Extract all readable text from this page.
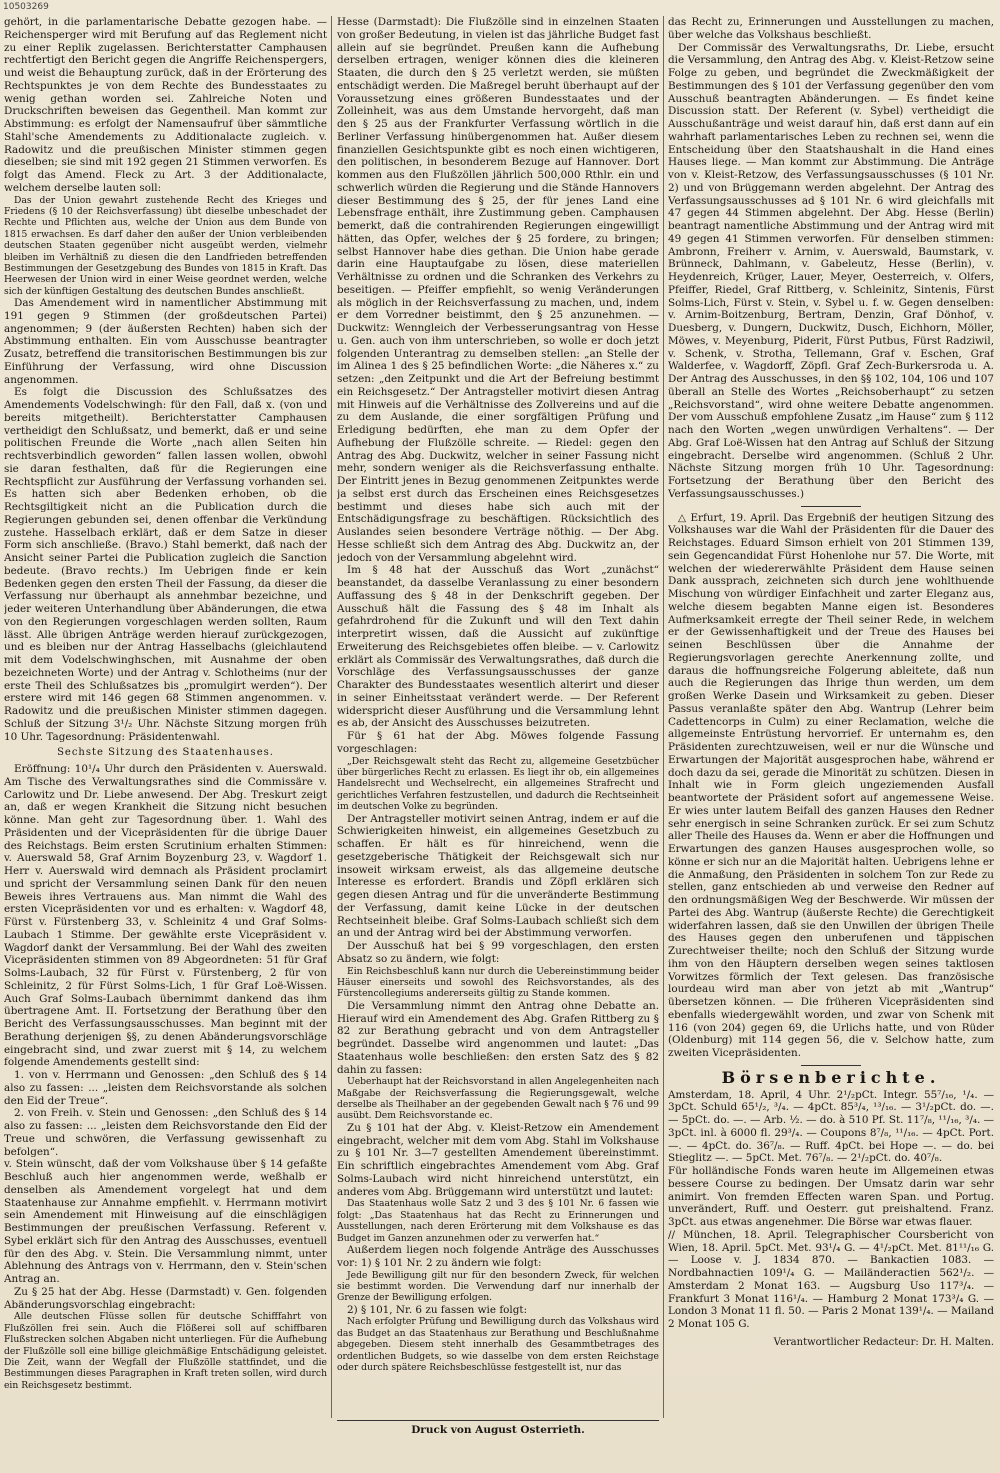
10503269

gehört, in die parlamentarische Debatte gezogen habe. — Reichensperger wird mit Berufung auf das Reglement nicht zu einer Replik zugelassen. Berichterstatter Camphausen rechtfertigt den Bericht gegen die Angriffe Reichenspergers, und weist die Behauptung zurück, daß in der Erörterung des Rechtspunktes je von dem Rechte des Bundesstaates zu wenig gethan worden sei. Zahlreiche Noten und Druckschriften beweisen das Gegentheil. Man kommt zur Abstimmung: es erfolgt der Namensaufruf über sämmtliche Stahl'sche Amendements zu Additionalacte zugleich. v. Radowitz und die preußischen Minister stimmen gegen dieselben; sie sind mit 192 gegen 21 Stimmen verworfen. Es folgt das Amend. Fleck zu Art. 3 der Additionalacte, welchem derselbe lauten soll:

Das der Union gewahrt zustehende Recht des Krieges und Friedens (§ 10 der Reichsverfassung) übt dieselbe unbeschadet der Rechte und Pflichten aus, welche der Union aus dem Bunde von 1815 erwachsen. Es darf daher den außer der Union verbleibenden deutschen Staaten gegenüber nicht ausgeübt werden, vielmehr bleiben im Verhältniß zu diesen die den Landfrieden betreffenden Bestimmungen der Gesetzgebung des Bundes von 1815 in Kraft. Das Heerwesen der Union wird in einer Weise geordnet werden, welche sich der künftigen Gestaltung des deutschen Bundes anschließt.

Das Amendement wird in namentlicher Abstimmung mit 191 gegen 9 Stimmen (der großdeutschen Partei) angenommen; 9 (der äußersten Rechten) haben sich der Abstimmung enthalten. Ein vom Ausschusse beantragter Zusatz, betreffend die transitorischen Bestimmungen bis zur Einführung der Verfassung, wird ohne Discussion angenommen.

Es folgt die Discussion des Schlußsatzes des Amendements Vodelschwingh: für den Fall, daß x. (von und bereits mitgetheilt). Berichterstatter Camphausen vertheidigt den Schlußsatz, und bemerkt, daß er und seine politischen Freunde die Worte „nach allen Seiten hin rechtsverbindlich geworden“ fallen lassen wollen, obwohl sie daran festhalten, daß für die Regierungen eine Rechtspflicht zur Ausführung der Verfassung vorhanden sei. Es hatten sich aber Bedenken erhoben, ob die Rechtsgiltigkeit nicht an die Publication durch die Regierungen gebunden sei, denen offenbar die Verkündung zustehe. Hasselbach erklärt, daß er dem Satze in dieser Form sich anschließe. (Bravo.) Stahl bemerkt, daß nach der Ansicht seiner Partei die Publication zugleich die Sanction bedeute. (Bravo rechts.) Im Uebrigen finde er kein Bedenken gegen den ersten Theil der Fassung, da dieser die Verfassung nur überhaupt als annehmbar bezeichne, und jeder weiteren Unterhandlung über Abänderungen, die etwa von den Regierungen vorgeschlagen werden sollten, Raum lässt. Alle übrigen Anträge werden hierauf zurückgezogen, und es bleiben nur der Antrag Hasselbachs (gleichlautend mit dem Vodelschwinghschen, mit Ausnahme der oben bezeichneten Worte) und der Antrag v. Schlotheims (nur der erste Theil des Schlußsatzes bis „promulgirt werden“). Der erstere wird mit 146 gegen 68 Stimmen angenommen. v. Radowitz und die preußischen Minister stimmen dagegen. Schluß der Sitzung 3¹/₂ Uhr. Nächste Sitzung morgen früh 10 Uhr. Tagesordnung: Präsidentenwahl.

Sechste Sitzung des Staatenhauses.

Eröffnung: 10¹/₄ Uhr durch den Präsidenten v. Auerswald. Am Tische des Verwaltungsrathes sind die Commissäre v. Carlowitz und Dr. Liebe anwesend. Der Abg. Treskurt zeigt an, daß er wegen Krankheit die Sitzung nicht besuchen könne. Man geht zur Tagesordnung über. 1. Wahl des Präsidenten und der Vicepräsidenten für die übrige Dauer des Reichstags. Beim ersten Scrutinium erhalten Stimmen: v. Auerswald 58, Graf Arnim Boyzenburg 23, v. Wagdorf 1. Herr v. Auerswald wird demnach als Präsident proclamirt und spricht der Versammlung seinen Dank für den neuen Beweis ihres Vertrauens aus. Man nimmt die Wahl des ersten Vicepräsidenten vor und es erhalten: v. Wagdorf 48, Fürst v. Fürstenberg 33, v. Schleinitz 4 und Graf Solms-Laubach 1 Stimme. Der gewählte erste Vicepräsident v. Wagdorf dankt der Versammlung. Bei der Wahl des zweiten Vicepräsidenten stimmen von 89 Abgeordneten: 51 für Graf Solms-Laubach, 32 für Fürst v. Fürstenberg, 2 für von Schleinitz, 2 für Fürst Solms-Lich, 1 für Graf Loë-Wissen. Auch Graf Solms-Laubach übernimmt dankend das ihm übertragene Amt. II. Fortsetzung der Berathung über den Bericht des Verfassungsausschusses. Man beginnt mit der Berathung derjenigen §§, zu denen Abänderungsvorschläge eingebracht sind, und zwar zuerst mit § 14, zu welchem folgende Amendements gestellt sind:

1. von v. Herrmann und Genossen: „den Schluß des § 14 also zu fassen: ... „leisten dem Reichsvorstande als solchen den Eid der Treue“.

2. von Freih. v. Stein und Genossen: „den Schluß des § 14 also zu fassen: ... „leisten dem Reichsvorstande den Eid der Treue und schwören, die Verfassung gewissenhaft zu befolgen“.

v. Stein wünscht, daß der vom Volkshause über § 14 gefaßte Beschluß auch hier angenommen werde, weßhalb er denselben als Amendement vorgelegt hat und dem Staatenhause zur Annahme empfiehlt. v. Herrmann motivirt sein Amendement mit Hinweisung auf die einschlägigen Bestimmungen der preußischen Verfassung. Referent v. Sybel erklärt sich für den Antrag des Ausschusses, eventuell für den des Abg. v. Stein. Die Versammlung nimmt, unter Ablehnung des Antrags von v. Herrmann, den v. Stein'schen Antrag an.

Zu § 25 hat der Abg. Hesse (Darmstadt) v. Gen. folgenden Abänderungsvorschlag eingebracht:

Alle deutschen Flüsse sollen für deutsche Schifffahrt von Flußzöllen frei sein. Auch die Flößerei soll auf schiffbaren Flußstrecken solchen Abgaben nicht unterliegen. Für die Aufhebung der Flußzölle soll eine billige gleichmäßige Entschädigung geleistet. Die Zeit, wann der Wegfall der Flußzölle stattfindet, und die Bestimmungen dieses Paragraphen in Kraft treten sollen, wird durch ein Reichsgesetz bestimmt.

Hesse (Darmstadt): Die Flußzölle sind in einzelnen Staaten von großer Bedeutung, in vielen ist das jährliche Budget fast allein auf sie begründet. Preußen kann die Aufhebung derselben ertragen, weniger können dies die kleineren Staaten, die durch den § 25 verletzt werden, sie müßten entschädigt werden. Die Maßregel beruht überhaupt auf der Voraussetzung eines größeren Bundesstaates und der Zolleinheit, was aus dem Umstande hervorgeht, daß man den § 25 aus der Frankfurter Verfassung wörtlich in die Berliner Verfassung hinübergenommen hat. Außer diesem finanziellen Gesichtspunkte gibt es noch einen wichtigeren, den politischen, in besonderem Bezuge auf Hannover. Dort kommen aus den Flußzöllen jährlich 500,000 Rthlr. ein und schwerlich würden die Regierung und die Stände Hannovers dieser Bestimmung des § 25, der für jenes Land eine Lebensfrage enthält, ihre Zustimmung geben. Camphausen bemerkt, daß die contrahirenden Regierungen eingewilligt hätten, das Opfer, welches der § 25 fordere, zu bringen; selbst Hannover habe dies gethan. Die Union habe gerade darin eine Hauptaufgabe zu lösen, diese materiellen Verhältnisse zu ordnen und die Schranken des Verkehrs zu beseitigen. — Pfeiffer empfiehlt, so wenig Veränderungen als möglich in der Reichsverfassung zu machen, und, indem er dem Vorredner beistimmt, den § 25 anzunehmen. — Duckwitz: Wenngleich der Verbesserungsantrag von Hesse u. Gen. auch von ihm unterschrieben, so wolle er doch jetzt folgenden Unterantrag zu demselben stellen: „an Stelle der im Alinea 1 des § 25 befindlichen Worte: „die Näheres x.“ zu setzen: „den Zeitpunkt und die Art der Befreiung bestimmt ein Reichsgesetz.“ Der Antragsteller motivirt diesen Antrag mit Hinweis auf die Verhältnisse des Zollvereins und auf die zu dem Auslande, die einer sorgfältigen Prüfung und Erledigung bedürften, ehe man zu dem Opfer der Aufhebung der Flußzölle schreite. — Riedel: gegen den Antrag des Abg. Duckwitz, welcher in seiner Fassung nicht mehr, sondern weniger als die Reichsverfassung enthalte. Der Eintritt jenes in Bezug genommenen Zeitpunktes werde ja selbst erst durch das Erscheinen eines Reichsgesetzes bestimmt und dieses habe sich auch mit der Entschädigungsfrage zu beschäftigen. Rücksichtlich des Auslandes seien besondere Verträge nöthig. — Der Abg. Hesse schließt sich dem Antrag des Abg. Duckwitz an, der jedoch von der Versammlung abgelehnt wird.

Im § 48 hat der Ausschuß das Wort „zunächst“ beanstandet, da dasselbe Veranlassung zu einer besondern Auffassung des § 48 in der Denkschrift gegeben. Der Ausschuß hält die Fassung des § 48 im Inhalt als gefahrdrohend für die Zukunft und will den Text dahin interpretirt wissen, daß die Aussicht auf zukünftige Erweiterung des Reichsgebietes offen bleibe. — v. Carlowitz erklärt als Commissär des Verwaltungsrathes, daß durch die Vorschläge des Verfassungsausschusses der ganze Charakter des Bundesstaates wesentlich alterirt und dieser in seiner Einheitsstaat verändert werde. — Der Referent widerspricht dieser Ausführung und die Versammlung lehnt es ab, der Ansicht des Ausschusses beizutreten.

Für § 61 hat der Abg. Möwes folgende Fassung vorgeschlagen:

„Der Reichsgewalt steht das Recht zu, allgemeine Gesetzbücher über bürgerliches Recht zu erlassen. Es liegt ihr ob, ein allgemeines Handelsrecht und Wechselrecht, ein allgemeines Strafrecht und gerichtliches Verfahren festzustellen, und dadurch die Rechtseinheit im deutschen Volke zu begründen.

Der Antragsteller motivirt seinen Antrag, indem er auf die Schwierigkeiten hinweist, ein allgemeines Gesetzbuch zu schaffen. Er hält es für hinreichend, wenn die gesetzgeberische Thätigkeit der Reichsgewalt sich nur insoweit wirksam erweist, als das allgemeine deutsche Interesse es erfordert. Brandis und Zöpfl erklären sich gegen diesen Antrag und für die unveränderte Bestimmung der Verfassung, damit keine Lücke in der deutschen Rechtseinheit bleibe. Graf Solms-Laubach schließt sich dem an und der Antrag wird bei der Abstimmung verworfen.

Der Ausschuß hat bei § 99 vorgeschlagen, den ersten Absatz so zu ändern, wie folgt:

Ein Reichsbeschluß kann nur durch die Uebereinstimmung beider Häuser einerseits und sowohl des Reichsvorstandes, als des Fürstencollegiums andererseits gültig zu Stande kommen.

Die Versammlung nimmt den Antrag ohne Debatte an. Hierauf wird ein Amendement des Abg. Grafen Rittberg zu § 82 zur Berathung gebracht und von dem Antragsteller begründet. Dasselbe wird angenommen und lautet: „Das Staatenhaus wolle beschließen: den ersten Satz des § 82 dahin zu fassen:

Ueberhaupt hat der Reichsvorstand in allen Angelegenheiten nach Maßgabe der Reichsverfassung die Regierungsgewalt, welche derselbe als Theilhaber an der gegebenden Gewalt nach § 76 und 99 ausübt. Dem Reichsvorstande ec.

Zu § 101 hat der Abg. v. Kleist-Retzow ein Amendement eingebracht, welcher mit dem vom Abg. Stahl im Volkshause zu § 101 Nr. 3—7 gestellten Amendement übereinstimmt. Ein schriftlich eingebrachtes Amendement vom Abg. Graf Solms-Laubach wird nicht hinreichend unterstützt, ein anderes vom Abg. Brüggemann wird unterstützt und lautet:

Das Staatenhaus wolle Satz 2 und 3 des § 101 Nr. 6 fassen wie folgt: „Das Staatenhaus hat das Recht zu Erinnerungen und Ausstellungen, nach deren Erörterung mit dem Volkshause es das Budget im Ganzen anzunehmen oder zu verwerfen hat.“

Außerdem liegen noch folgende Anträge des Ausschusses vor: 1) § 101 Nr. 2 zu ändern wie folgt:

Jede Bewilligung gilt nur für den besondern Zweck, für welchen sie bestimmt worden. Die Verwendung darf nur innerhalb der Grenze der Bewilligung erfolgen.

2) § 101, Nr. 6 zu fassen wie folgt:

Nach erfolgter Prüfung und Bewilligung durch das Volkshaus wird das Budget an das Staatenhaus zur Berathung und Beschlußnahme abgegeben. Diesem steht innerhalb des Gesammtbetrages des ordentlichen Budgets, so wie dasselbe von dem ersten Reichstage oder durch spätere Reichsbeschlüsse festgestellt ist, nur das

das Recht zu, Erinnerungen und Ausstellungen zu machen, über welche das Volkshaus beschließt.

Der Commissär des Verwaltungsraths, Dr. Liebe, ersucht die Versammlung, den Antrag des Abg. v. Kleist-Retzow seine Folge zu geben, und begründet die Zweckmäßigkeit der Bestimmungen des § 101 der Verfassung gegenüber den vom Ausschuß beantragten Abänderungen. — Es findet keine Discussion statt. Der Referent (v. Sybel) vertheidigt die Ausschußanträge und weist darauf hin, daß erst dann auf ein wahrhaft parlamentarisches Leben zu rechnen sei, wenn die Entscheidung über den Staatshaushalt in die Hand eines Hauses liege. — Man kommt zur Abstimmung. Die Anträge von v. Kleist-Retzow, des Verfassungsausschusses (§ 101 Nr. 2) und von Brüggemann werden abgelehnt. Der Antrag des Verfassungsausschusses ad § 101 Nr. 6 wird gleichfalls mit 47 gegen 44 Stimmen abgelehnt. Der Abg. Hesse (Berlin) beantragt namentliche Abstimmung und der Antrag wird mit 49 gegen 41 Stimmen verworfen. Für denselben stimmen: Ambronn, Freiherr v. Arnim, v. Auerswald, Baumstark, v. Brünneck, Dahlmann, v. Gabeleutz, Hesse (Berlin), v. Heydenreich, Krüger, Lauer, Meyer, Oesterreich, v. Olfers, Pfeiffer, Riedel, Graf Rittberg, v. Schleinitz, Sintenis, Fürst Solms-Lich, Fürst v. Stein, v. Sybel u. f. w. Gegen denselben: v. Arnim-Boitzenburg, Bertram, Denzin, Graf Dönhof, v. Duesberg, v. Dungern, Duckwitz, Dusch, Eichhorn, Möller, Möwes, v. Meyenburg, Piderit, Fürst Putbus, Fürst Radziwil, v. Schenk, v. Strotha, Tellemann, Graf v. Eschen, Graf Walderfee, v. Wagdorff, Zöpfl. Graf Zech-Burkersroda u. A. Der Antrag des Ausschusses, in den §§ 102, 104, 106 und 107 überall an Stelle des Wortes „Reichsoberhaupt“ zu setzen „Reichsvorstand“, wird ohne weitere Debatte angenommen. Der vom Ausschuß empfohlene Zusatz „im Hause“ zum § 112 nach den Worten „wegen unwürdigen Verhaltens“. — Der Abg. Graf Loë-Wissen hat den Antrag auf Schluß der Sitzung eingebracht. Derselbe wird angenommen. (Schluß 2 Uhr. Nächste Sitzung morgen früh 10 Uhr. Tagesordnung: Fortsetzung der Berathung über den Bericht des Verfassungsausschusses.)

△ Erfurt, 19. April. Das Ergebniß der heutigen Sitzung des Volkshauses war die Wahl der Präsidenten für die Dauer des Reichstages. Eduard Simson erhielt von 201 Stimmen 139, sein Gegencandidat Fürst Hohenlohe nur 57. Die Worte, mit welchen der wiedererwählte Präsident dem Hause seinen Dank aussprach, zeichneten sich durch jene wohlthuende Mischung von würdiger Einfachheit und zarter Eleganz aus, welche diesem begabten Manne eigen ist. Besonderes Aufmerksamkeit erregte der Theil seiner Rede, in welchem er der Gewissenhaftigkeit und der Treue des Hauses bei seinen Beschlüssen über die Annahme der Regierungsvorlagen gerechte Anerkennung zollte, und daraus die hoffnungsreiche Folgerung ableitete, daß nun auch die Regierungen das Ihrige thun werden, um dem großen Werke Dasein und Wirksamkeit zu geben. Dieser Passus veranlaßte später den Abg. Wantrup (Lehrer beim Cadettencorps in Culm) zu einer Reclamation, welche die allgemeinste Entrüstung hervorrief. Er unternahm es, den Präsidenten zurechtzuweisen, weil er nur die Wünsche und Erwartungen der Majorität ausgesprochen habe, während er doch dazu da sei, gerade die Minorität zu schützen. Diesen in Inhalt wie in Form gleich ungeziemenden Ausfall beantwortete der Präsident sofort auf angemessene Weise. Er wies unter lautem Beifall des ganzen Hauses den Redner sehr energisch in seine Schranken zurück. Er sei zum Schutz aller Theile des Hauses da. Wenn er aber die Hoffnungen und Erwartungen des ganzen Hauses ausgesprochen wolle, so könne er sich nur an die Majorität halten. Uebrigens lehne er die Anmaßung, den Präsidenten in solchem Ton zur Rede zu stellen, ganz entschieden ab und verweise den Redner auf den ordnungsmäßigen Weg der Beschwerde. Wir müssen der Partei des Abg. Wantrup (äußerste Rechte) die Gerechtigkeit widerfahren lassen, daß sie den Unwillen der übrigen Theile des Hauses gegen den unberufenen und täppischen Zurechtweiser theilte; noch den Schluß der Sitzung wurde ihm von den Häuptern derselben wegen seines taktlosen Vorwitzes förmlich der Text gelesen. Das französische lourdeau wird man aber von jetzt ab mit „Wantrup“ übersetzen können. — Die früheren Vicepräsidenten sind ebenfalls wiedergewählt worden, und zwar von Schenk mit 116 (von 204) gegen 69, die Urlichs hatte, und von Rüder (Oldenburg) mit 114 gegen 56, die v. Selchow hatte, zum zweiten Vicepräsidenten.

Börsenberichte.

Amsterdam, 18. April, 4 Uhr. 2¹/₂pCt. Integr. 55⁷/₁₆, ¹/₄. — 3pCt. Schuld 65¹/₂, ³/₄. — 4pCt. 85³/₄, ¹³/₁₆. — 3¹/₂pCt. do. —. — 5pCt. do. —. — Arb. ½. — do. à 510 Pf. St. 11⁷/₈, ¹¹/₁₆, ³/₄. — 3pCt. inl. à 6000 fl. 29³/₄. — Coupons 8⁷/₈, ¹¹/₁₆. — 4pCt. Port. —. — 4pCt. do. 36⁷/₈. — Ruff. 4pCt. bei Hope —. — do. bei Stieglitz —. — 5pCt. Met. 76⁷/₈. — 2¹/₂pCt. do. 40⁷/₈.

Für holländische Fonds waren heute im Allgemeinen etwas bessere Course zu bedingen. Der Umsatz darin war sehr animirt. Von fremden Effecten waren Span. und Portug. unverändert, Ruff. und Oesterr. gut preishaltend. Franz. 3pCt. aus etwas angenehmer. Die Börse war etwas flauer.

// München, 18. April. Telegraphischer Coursbericht von Wien, 18. April. 5pCt. Met. 93¹/₄ G. — 4¹/₂pCt. Met. 81¹¹/₁₆ G. — Loose v. J. 1834 870. — Bankactien 1083. — Nordbahnactien 109¹/₄ G. — Mailänderactien 562¹/₂. — Amsterdam 2 Monat 163. — Augsburg Uso 117³/₄. — Frankfurt 3 Monat 116¹/₄. — Hamburg 2 Monat 173³/₄ G. — London 3 Monat 11 fl. 50. — Paris 2 Monat 139¹/₄. — Mailand 2 Monat 105 G.

Verantwortlicher Redacteur: Dr. H. Malten.
Druck von August Osterrieth.
